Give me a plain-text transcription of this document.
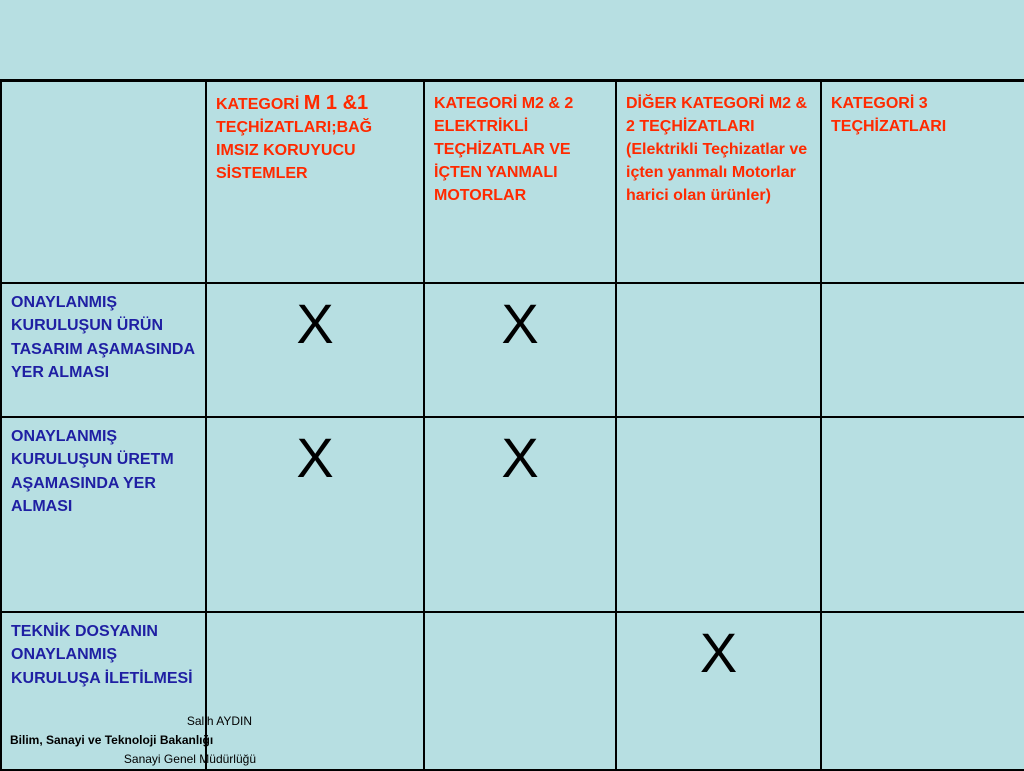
	KATEGORİ M 1 &1 TEÇHİZATLARI;BAĞ IMSIZ KORUYUCU SİSTEMLER	KATEGORİ M2 & 2 ELEKTRİKLİ TEÇHİZATLAR VE İÇTEN YANMALI MOTORLAR	DİĞER KATEGORİ M2 & 2 TEÇHİZATLARI (Elektrikli Teçhizatlar ve içten yanmalı Motorlar harici olan ürünler)	KATEGORİ 3 TEÇHİZATLARI

ONAYLANMIŞ KURULUŞUN ÜRÜN TASARIM AŞAMASINDA YER ALMASI	X	X		

ONAYLANMIŞ KURULUŞUN ÜRETM AŞAMASINDA YER ALMASI	X	X		

TEKNİK DOSYANIN ONAYLANMIŞ KURULUŞA İLETİLMESİ			X	

Salih AYDIN
Bilim, Sanayi ve Teknoloji Bakanlığı
Sanayi Genel Müdürlüğü
